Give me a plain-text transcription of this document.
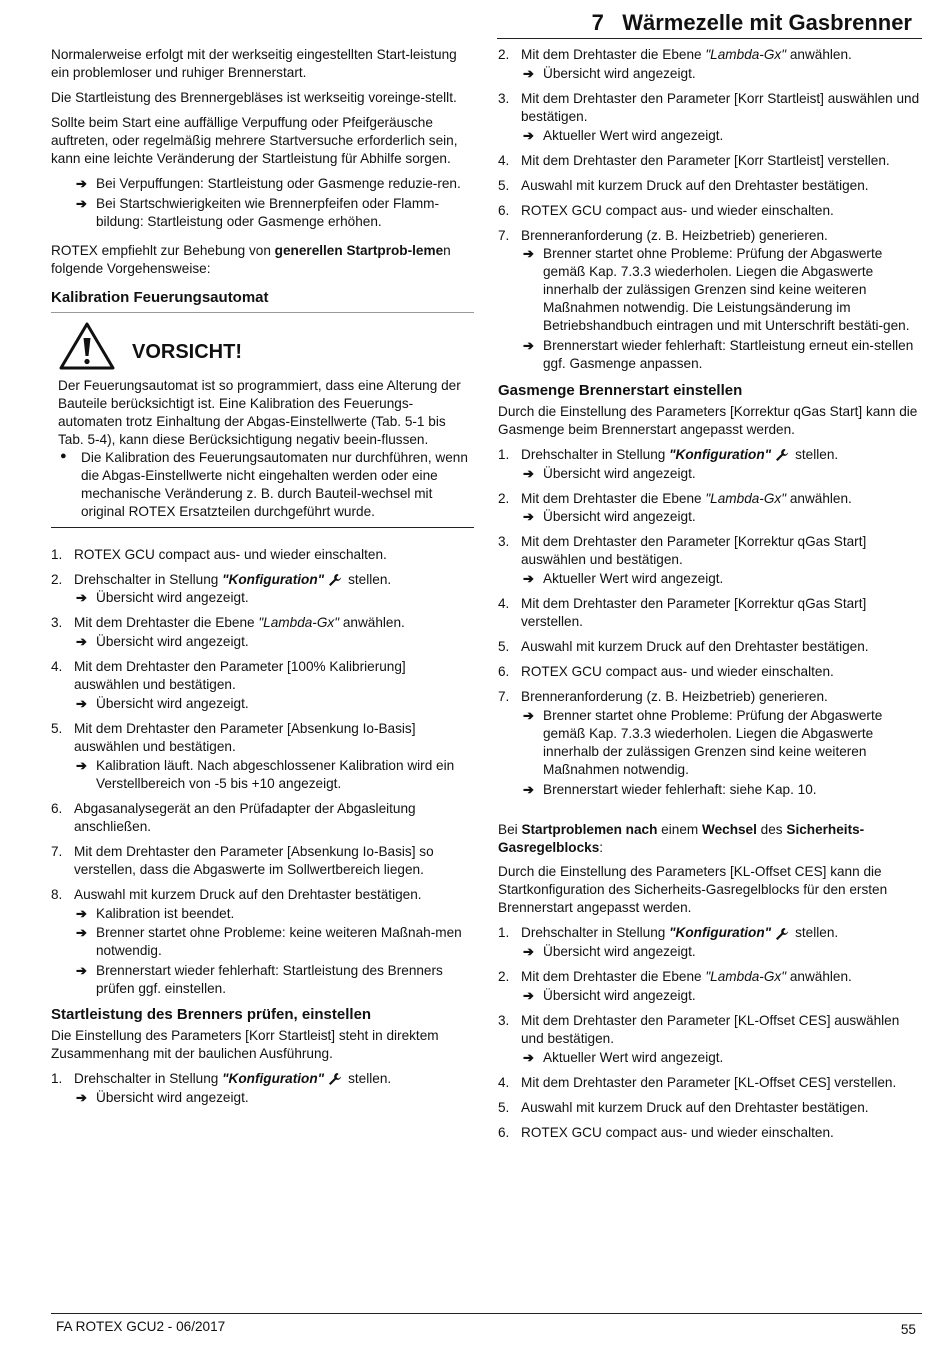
7 Wärmezelle mit Gasbrenner

Normalerweise erfolgt mit der werkseitig eingestellten Start-leistung ein problemloser und ruhiger Brennerstart.

Die Startleistung des Brennergebläses ist werkseitig voreinge-stellt.

Sollte beim Start eine auffällige Verpuffung oder Pfeifgeräusche auftreten, oder regelmäßig mehrere Startversuche erforderlich sein, kann eine leichte Veränderung der Startleistung für Abhilfe sorgen.

➔ Bei Verpuffungen: Startleistung oder Gasmenge reduzie-ren.
➔ Bei Startschwierigkeiten wie Brennerpfeifen oder Flamm-bildung: Startleistung oder Gasmenge erhöhen.

ROTEX empfiehlt zur Behebung von generellen Startprob-lemen folgende Vorgehensweise:

Kalibration Feuerungsautomat
VORSICHT!
Der Feuerungsautomat ist so programmiert, dass eine Alterung der Bauteile berücksichtigt ist. Eine Kalibration des Feuerungs-automaten trotz Einhaltung der Abgas-Einstellwerte (Tab. 5-1 bis Tab. 5-4), kann diese Berücksichtigung negativ beein-flussen.
● Die Kalibration des Feuerungsautomaten nur durchführen, wenn die Abgas-Einstellwerte nicht eingehalten werden oder eine mechanische Veränderung z. B. durch Bauteil-wechsel mit original ROTEX Ersatzteilen durchgeführt wurde.
1. ROTEX GCU compact aus- und wieder einschalten.
2. Drehschalter in Stellung "Konfiguration" stellen.
➔ Übersicht wird angezeigt.
3. Mit dem Drehtaster die Ebene "Lambda-Gx" anwählen.
➔ Übersicht wird angezeigt.
4. Mit dem Drehtaster den Parameter [100% Kalibrierung] auswählen und bestätigen.
➔ Übersicht wird angezeigt.
5. Mit dem Drehtaster den Parameter [Absenkung Io-Basis] auswählen und bestätigen.
➔ Kalibration läuft. Nach abgeschlossener Kalibration wird ein Verstellbereich von -5 bis +10 angezeigt.
6. Abgasanalysegerät an den Prüfadapter der Abgasleitung anschließen.
7. Mit dem Drehtaster den Parameter [Absenkung Io-Basis] so verstellen, dass die Abgaswerte im Sollwertbereich liegen.
8. Auswahl mit kurzem Druck auf den Drehtaster bestätigen.
➔ Kalibration ist beendet.
➔ Brenner startet ohne Probleme: keine weiteren Maßnah-men notwendig.
➔ Brennerstart wieder fehlerhaft: Startleistung des Brenners prüfen ggf. einstellen.
Startleistung des Brenners prüfen, einstellen

Die Einstellung des Parameters [Korr Startleist] steht in direktem Zusammenhang mit der baulichen Ausführung.

1. Drehschalter in Stellung "Konfiguration" stellen.
➔ Übersicht wird angezeigt.
2. Mit dem Drehtaster die Ebene "Lambda-Gx" anwählen.
➔ Übersicht wird angezeigt.
3. Mit dem Drehtaster den Parameter [Korr Startleist] auswählen und bestätigen.
➔ Aktueller Wert wird angezeigt.
4. Mit dem Drehtaster den Parameter [Korr Startleist] verstellen.
5. Auswahl mit kurzem Druck auf den Drehtaster bestätigen.
6. ROTEX GCU compact aus- und wieder einschalten.
7. Brenneranforderung (z. B. Heizbetrieb) generieren.
➔ Brenner startet ohne Probleme: Prüfung der Abgaswerte gemäß Kap. 7.3.3 wiederholen. Liegen die Abgaswerte innerhalb der zulässigen Grenzen sind keine weiteren Maßnahmen notwendig. Die Leistungsänderung im Betriebshandbuch eintragen und mit Unterschrift bestäti-gen.
➔ Brennerstart wieder fehlerhaft: Startleistung erneut ein-stellen ggf. Gasmenge anpassen.
Gasmenge Brennerstart einstellen

Durch die Einstellung des Parameters [Korrektur qGas Start] kann die Gasmenge beim Brennerstart angepasst werden.

1. Drehschalter in Stellung "Konfiguration" stellen.
➔ Übersicht wird angezeigt.
2. Mit dem Drehtaster die Ebene "Lambda-Gx" anwählen.
➔ Übersicht wird angezeigt.
3. Mit dem Drehtaster den Parameter [Korrektur qGas Start] auswählen und bestätigen.
➔ Aktueller Wert wird angezeigt.
4. Mit dem Drehtaster den Parameter [Korrektur qGas Start] verstellen.
5. Auswahl mit kurzem Druck auf den Drehtaster bestätigen.
6. ROTEX GCU compact aus- und wieder einschalten.
7. Brenneranforderung (z. B. Heizbetrieb) generieren.
➔ Brenner startet ohne Probleme: Prüfung der Abgaswerte gemäß Kap. 7.3.3 wiederholen. Liegen die Abgaswerte innerhalb der zulässigen Grenzen sind keine weiteren Maßnahmen notwendig.
➔ Brennerstart wieder fehlerhaft: siehe Kap. 10.

Bei Startproblemen nach einem Wechsel des Sicherheits-Gasregelblocks:

Durch die Einstellung des Parameters [KL-Offset CES] kann die Startkonfiguration des Sicherheits-Gasregelblocks für den ersten Brennerstart angepasst werden.

1. Drehschalter in Stellung "Konfiguration" stellen.
➔ Übersicht wird angezeigt.
2. Mit dem Drehtaster die Ebene "Lambda-Gx" anwählen.
➔ Übersicht wird angezeigt.
3. Mit dem Drehtaster den Parameter [KL-Offset CES] auswählen und bestätigen.
➔ Aktueller Wert wird angezeigt.
4. Mit dem Drehtaster den Parameter [KL-Offset CES] verstellen.
5. Auswahl mit kurzem Druck auf den Drehtaster bestätigen.
6. ROTEX GCU compact aus- und wieder einschalten.
FA ROTEX GCU2 - 06/2017	55
